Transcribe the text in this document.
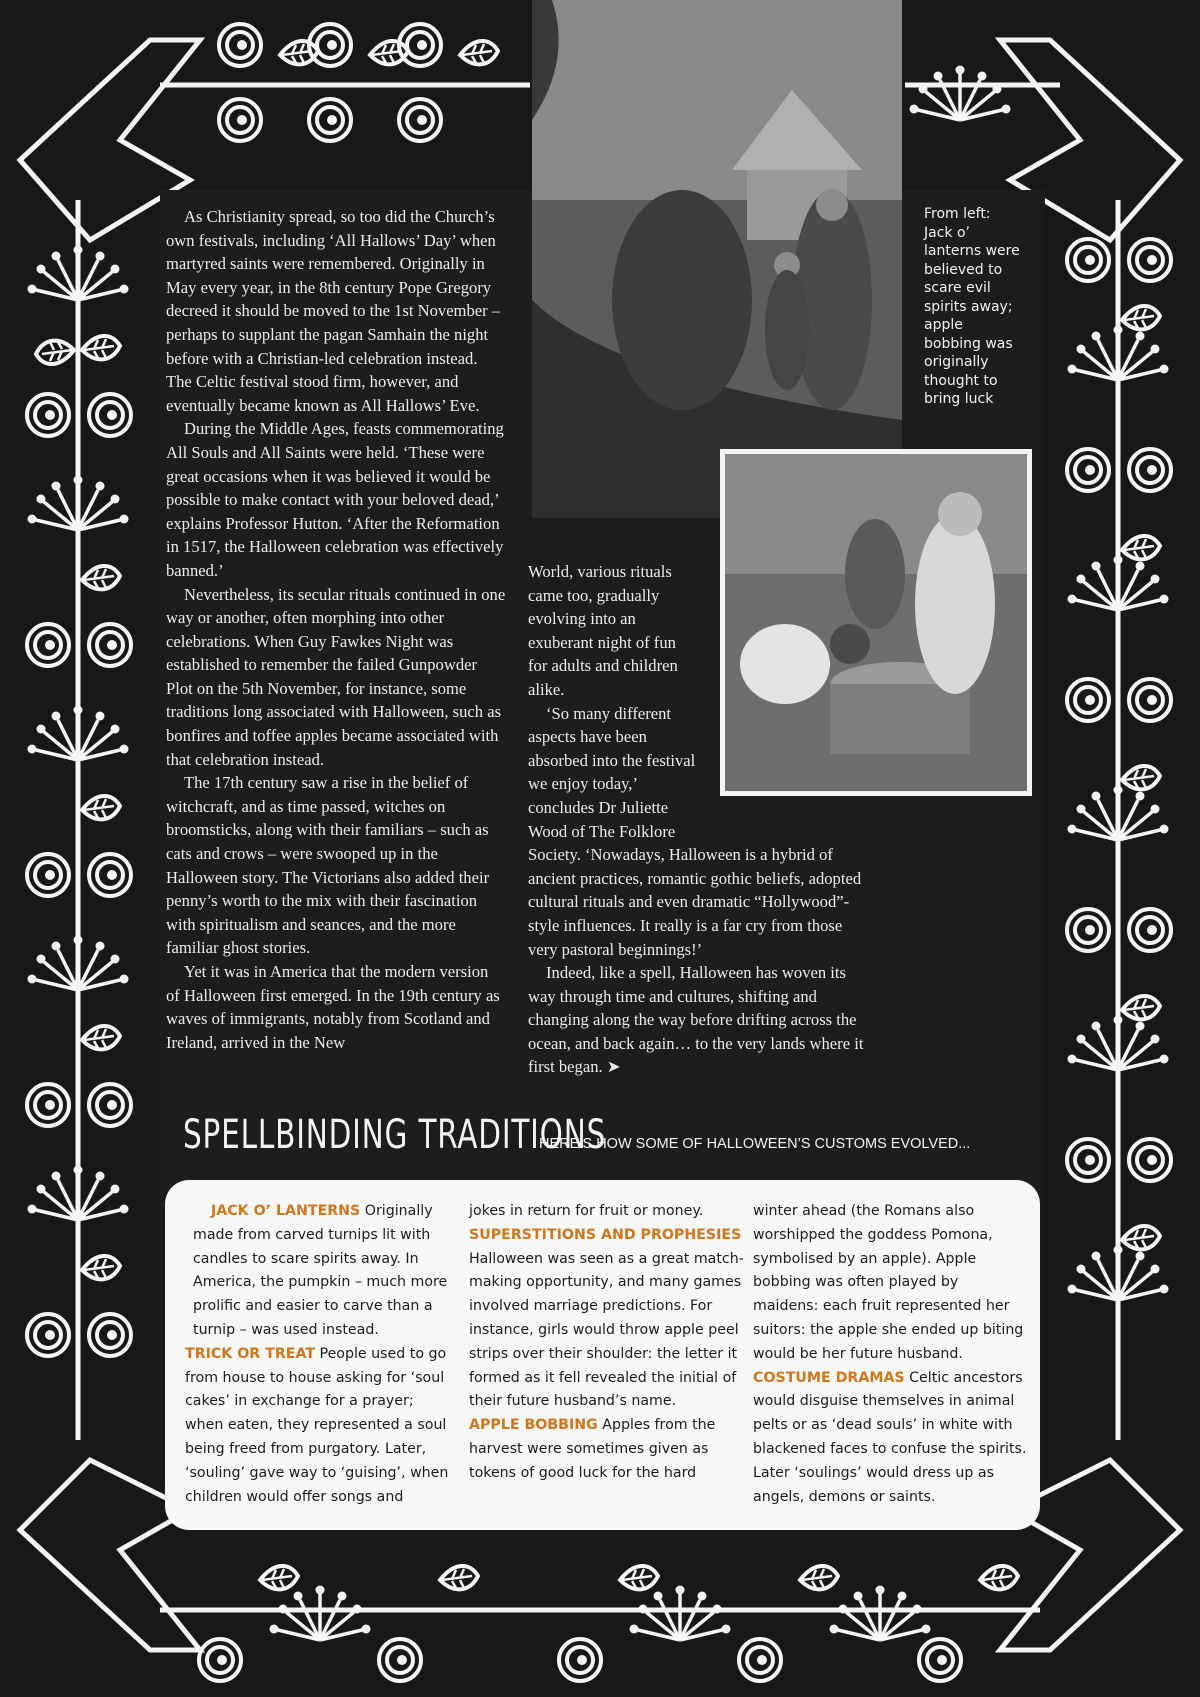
From left: Jack o’ lanterns were believed to scare evil spirits away; apple bobbing was originally thought to bring luck

As Christianity spread, so too did the Church’s own festivals, including ‘All Hallows’ Day’ when martyred saints were remembered. Originally in May every year, in the 8th century Pope Gregory decreed it should be moved to the 1st November – perhaps to supplant the pagan Samhain the night before with a Christian-led celebration instead. The Celtic festival stood firm, however, and eventually became known as All Hallows’ Eve.

During the Middle Ages, feasts commemorating All Souls and All Saints were held. ‘These were great occasions when it was believed it would be possible to make contact with your beloved dead,’ explains Professor Hutton. ‘After the Reformation in 1517, the Halloween celebration was effectively banned.’

Nevertheless, its secular rituals continued in one way or another, often morphing into other celebrations. When Guy Fawkes Night was established to remember the failed Gunpowder Plot on the 5th November, for instance, some traditions long associated with Halloween, such as bonfires and toffee apples became associated with that celebration instead.

The 17th century saw a rise in the belief of witchcraft, and as time passed, witches on broomsticks, along with their familiars – such as cats and crows – were swooped up in the Halloween story. The Victorians also added their penny’s worth to the mix with their fascination with spiritualism and seances, and the more familiar ghost stories.

Yet it was in America that the modern version of Halloween first emerged. In the 19th century as waves of immigrants, notably from Scotland and Ireland, arrived in the New

World, various rituals came too, gradually evolving into an exuberant night of fun for adults and children alike.

‘So many different aspects have been absorbed into the festival we enjoy today,’ concludes Dr Juliette Wood of The Folklore

Society. ‘Nowadays, Halloween is a hybrid of ancient practices, romantic gothic beliefs, adopted cultural rituals and even dramatic “Hollywood”-style influences. It really is a far cry from those very pastoral beginnings!’

Indeed, like a spell, Halloween has woven its way through time and cultures, shifting and changing along the way before drifting across the ocean, and back again… to the very lands where it first began. ➤

SPELLBINDING TRADITIONS
HERE’S HOW SOME OF HALLOWEEN’S CUSTOMS EVOLVED...

JACK O’ LANTERNS Originally made from carved turnips lit with candles to scare spirits away. In America, the pumpkin – much more prolific and easier to carve than a turnip – was used instead.

TRICK OR TREAT People used to go from house to house asking for ‘soul cakes’ in exchange for a prayer; when eaten, they represented a soul being freed from purgatory. Later, ‘souling’ gave way to ‘guising’, when children would offer songs and

jokes in return for fruit or money.

SUPERSTITIONS AND PROPHESIES

Halloween was seen as a great match-making opportunity, and many games involved marriage predictions. For instance, girls would throw apple peel strips over their shoulder: the letter it formed as it fell revealed the initial of their future husband’s name.

APPLE BOBBING Apples from the harvest were sometimes given as tokens of good luck for the hard

winter ahead (the Romans also worshipped the goddess Pomona, symbolised by an apple). Apple bobbing was often played by maidens: each fruit represented her suitors: the apple she ended up biting would be her future husband.

COSTUME DRAMAS Celtic ancestors would disguise themselves in animal pelts or as ‘dead souls’ in white with blackened faces to confuse the spirits. Later ‘soulings’ would dress up as angels, demons or saints.
